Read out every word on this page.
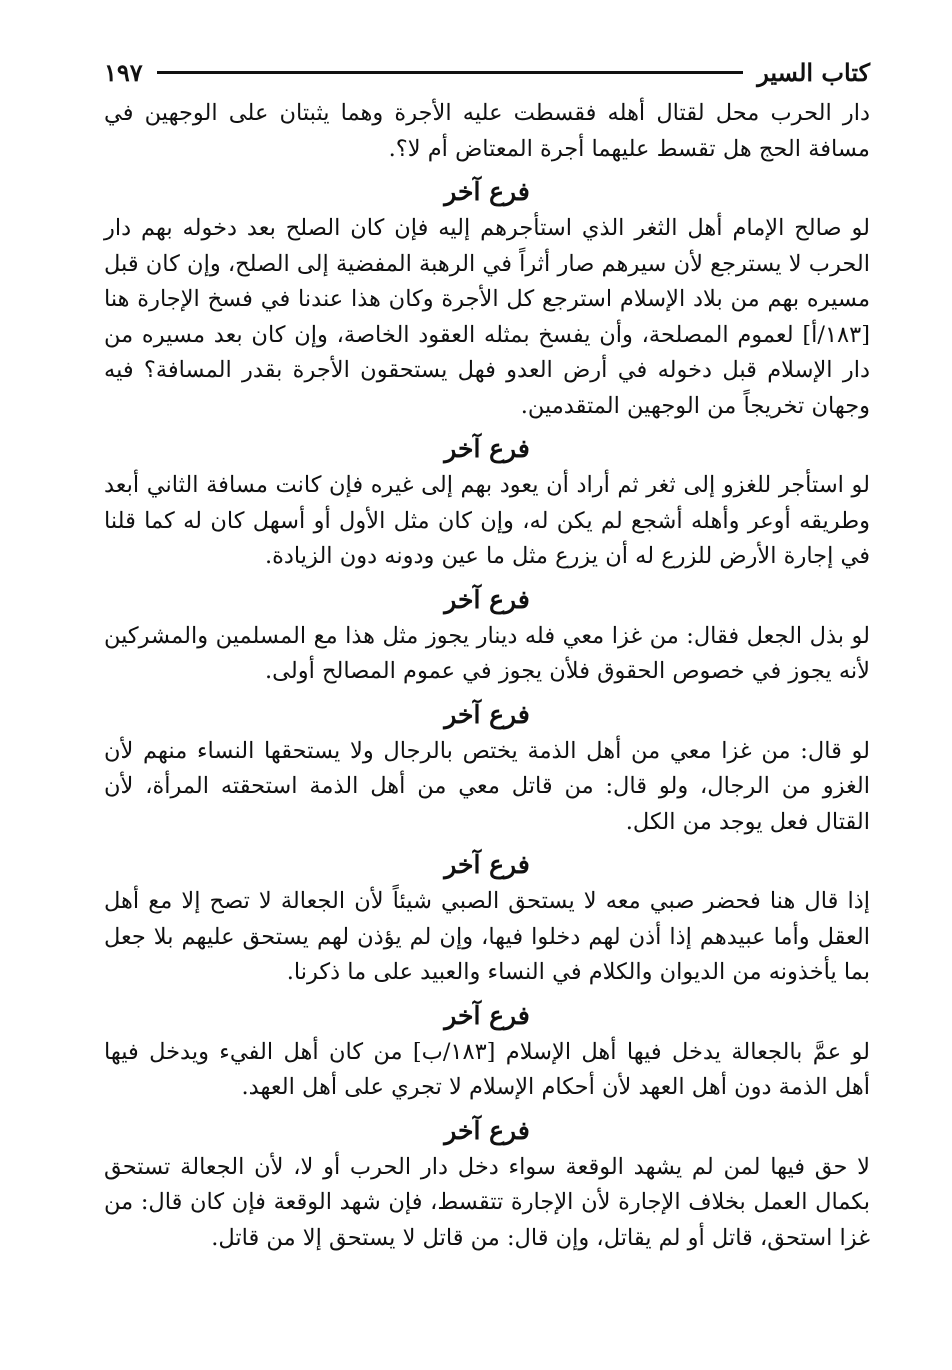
كتاب السير
١٩٧

دار الحرب محل لقتال أهله فقسطت عليه الأجرة وهما يثبتان على الوجهين في مسافة الحج هل تقسط عليهما أجرة المعتاض أم لا؟.

فرع آخر

لو صالح الإمام أهل الثغر الذي استأجرهم إليه فإن كان الصلح بعد دخوله بهم دار الحرب لا يسترجع لأن سيرهم صار أثراً في الرهبة المفضية إلى الصلح، وإن كان قبل مسيره بهم من بلاد الإسلام استرجع كل الأجرة وكان هذا عندنا في فسخ الإجارة هنا [١٨٣/أ] لعموم المصلحة، وأن يفسخ بمثله العقود الخاصة، وإن كان بعد مسيره من دار الإسلام قبل دخوله في أرض العدو فهل يستحقون الأجرة بقدر المسافة؟ فيه وجهان تخريجاً من الوجهين المتقدمين.

فرع آخر

لو استأجر للغزو إلى ثغر ثم أراد أن يعود بهم إلى غيره فإن كانت مسافة الثاني أبعد وطريقه أوعر وأهله أشجع لم يكن له، وإن كان مثل الأول أو أسهل كان له كما قلنا في إجارة الأرض للزرع له أن يزرع مثل ما عين ودونه دون الزيادة.

فرع آخر

لو بذل الجعل فقال: من غزا معي فله دينار يجوز مثل هذا مع المسلمين والمشركين لأنه يجوز في خصوص الحقوق فلأن يجوز في عموم المصالح أولى.

فرع آخر

لو قال: من غزا معي من أهل الذمة يختص بالرجال ولا يستحقها النساء منهم لأن الغزو من الرجال، ولو قال: من قاتل معي من أهل الذمة استحقته المرأة، لأن القتال فعل يوجد من الكل.

فرع آخر

إذا قال هنا فحضر صبي معه لا يستحق الصبي شيئاً لأن الجعالة لا تصح إلا مع أهل العقل وأما عبيدهم إذا أذن لهم دخلوا فيها، وإن لم يؤذن لهم يستحق عليهم بلا جعل بما يأخذونه من الديوان والكلام في النساء والعبيد على ما ذكرنا.

فرع آخر

لو عمَّ بالجعالة يدخل فيها أهل الإسلام [١٨٣/ب] من كان أهل الفيء ويدخل فيها أهل الذمة دون أهل العهد لأن أحكام الإسلام لا تجري على أهل العهد.

فرع آخر

لا حق فيها لمن لم يشهد الوقعة سواء دخل دار الحرب أو لا، لأن الجعالة تستحق بكمال العمل بخلاف الإجارة لأن الإجارة تتقسط، فإن شهد الوقعة فإن كان قال: من غزا استحق، قاتل أو لم يقاتل، وإن قال: من قاتل لا يستحق إلا من قاتل.
